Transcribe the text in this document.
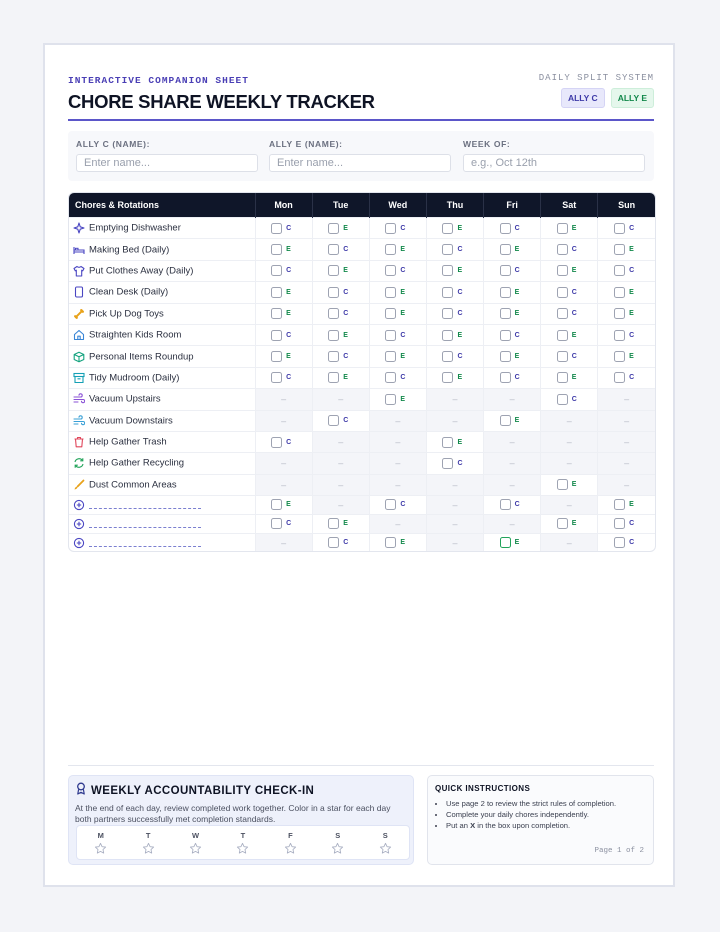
INTERACTIVE COMPANION SHEET
CHORE SHARE WEEKLY TRACKER
DAILY SPLIT SYSTEM
ALLY C	ALLY E
ALLY C (NAME):
Enter name...	ALLY E (NAME):
Enter name...	WEEK OF:
e.g., Oct 12th
Chores & Rotations	Mon	Tue	Wed	Thu	Fri	Sat	Sun

Emptying Dishwasher	C	E	C	E	C	E	C

Making Bed (Daily)	E	C	E	C	E	C	E

Put Clothes Away (Daily)	C	E	C	E	C	E	C

Clean Desk (Daily)	E	C	E	C	E	C	E

Pick Up Dog Toys	E	C	E	C	E	C	E

Straighten Kids Room	C	E	C	E	C	E	C

Personal Items Roundup	E	C	E	C	E	C	E

Tidy Mudroom (Daily)	C	E	C	E	C	E	C

Vacuum Upstairs	–	–	E	–	–	C	–

Vacuum Downstairs	–	C	–	–	E	–	–

Help Gather Trash	C	–	–	E	–	–	–

Help Gather Recycling	–	–	–	C	–	–	–

Dust Common Areas	–	–	–	–	–	E	–

	E	–	C	–	C	–	E

	C	E	–	–	–	E	C

	–	C	E	–	E	–	C
WEEKLY ACCOUNTABILITY CHECK-IN
At the end of each day, review completed work together. Color in a star for each day both partners successfully met completion standards.
M	T	W	T	F	S	S
QUICK INSTRUCTIONS
• Use page 2 to review the strict rules of completion.
• Complete your daily chores independently.
• Put an X in the box upon completion.
Page 1 of 2
